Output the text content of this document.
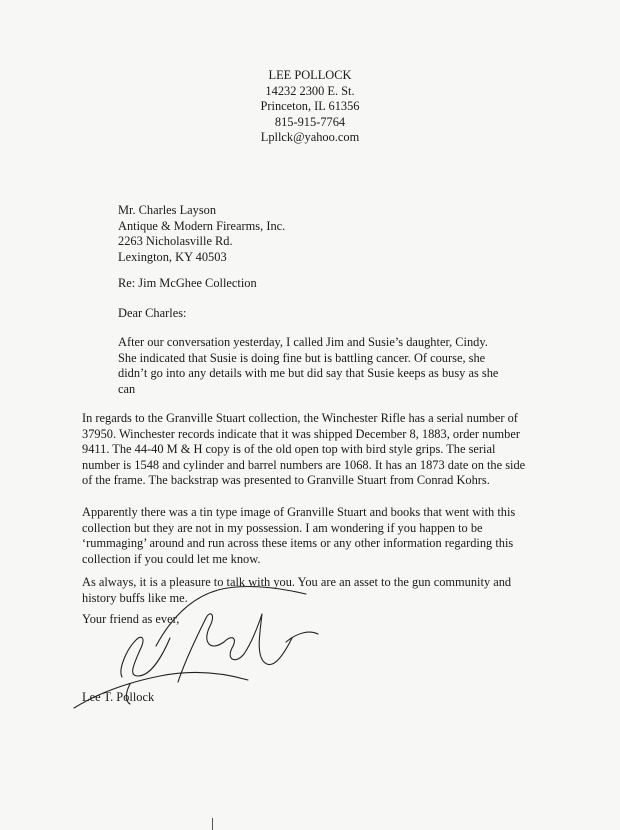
LEE POLLOCK
14232 2300 E. St.
Princeton, IL 61356
815-915-7764
Lpllck@yahoo.com
Mr. Charles Layson
Antique & Modern Firearms, Inc.
2263 Nicholasville Rd.
Lexington, KY 40503
Re: Jim McGhee Collection
Dear Charles:
After our conversation yesterday, I called Jim and Susie’s daughter, Cindy.
She indicated that Susie is doing fine but is battling cancer. Of course, she
didn’t go into any details with me but did say that Susie keeps as busy as she
can
In regards to the Granville Stuart collection, the Winchester Rifle has a serial number of
37950. Winchester records indicate that it was shipped December 8, 1883, order number
9411. The 44-40 M & H copy is of the old open top with bird style grips. The serial
number is 1548 and cylinder and barrel numbers are 1068. It has an 1873 date on the side
of the frame. The backstrap was presented to Granville Stuart from Conrad Kohrs.
Apparently there was a tin type image of Granville Stuart and books that went with this
collection but they are not in my possession. I am wondering if you happen to be
‘rummaging’ around and run across these items or any other information regarding this
collection if you could let me know.
As always, it is a pleasure to talk with you. You are an asset to the gun community and
history buffs like me.
Your friend as ever,
Lee T. Pollock
